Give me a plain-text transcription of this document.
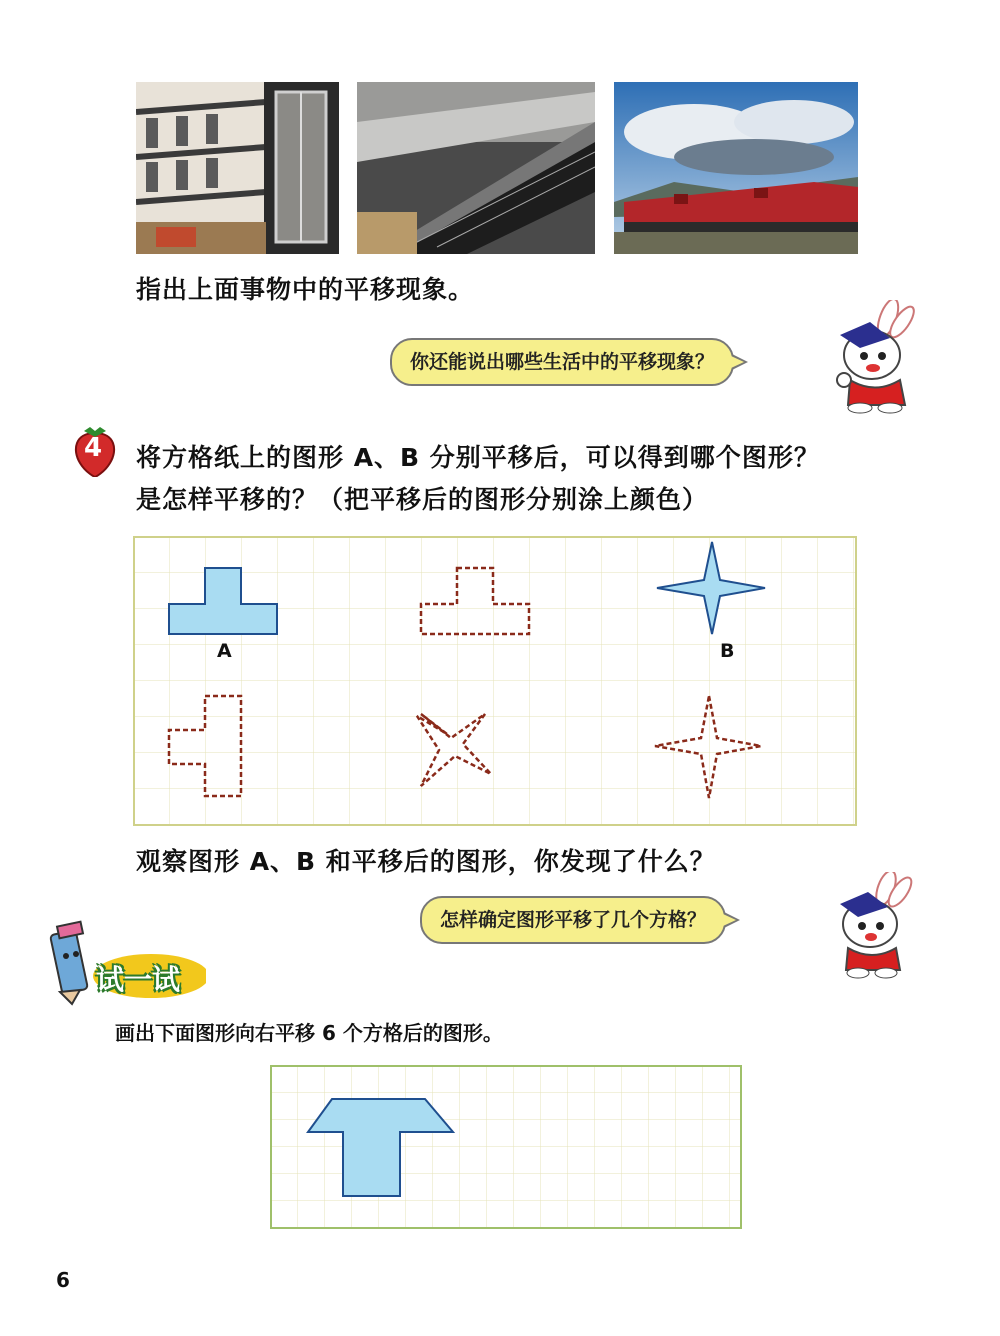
指出上面事物中的平移现象。
你还能说出哪些生活中的平移现象？
4 将方格纸上的图形 A、B 分别平移后，可以得到哪个图形？
是怎样平移的？（把平移后的图形分别涂上颜色）
A	B
观察图形 A、B 和平移后的图形，你发现了什么？
怎样确定图形平移了几个方格？
试一试
画出下面图形向右平移 6 个方格后的图形。
6
